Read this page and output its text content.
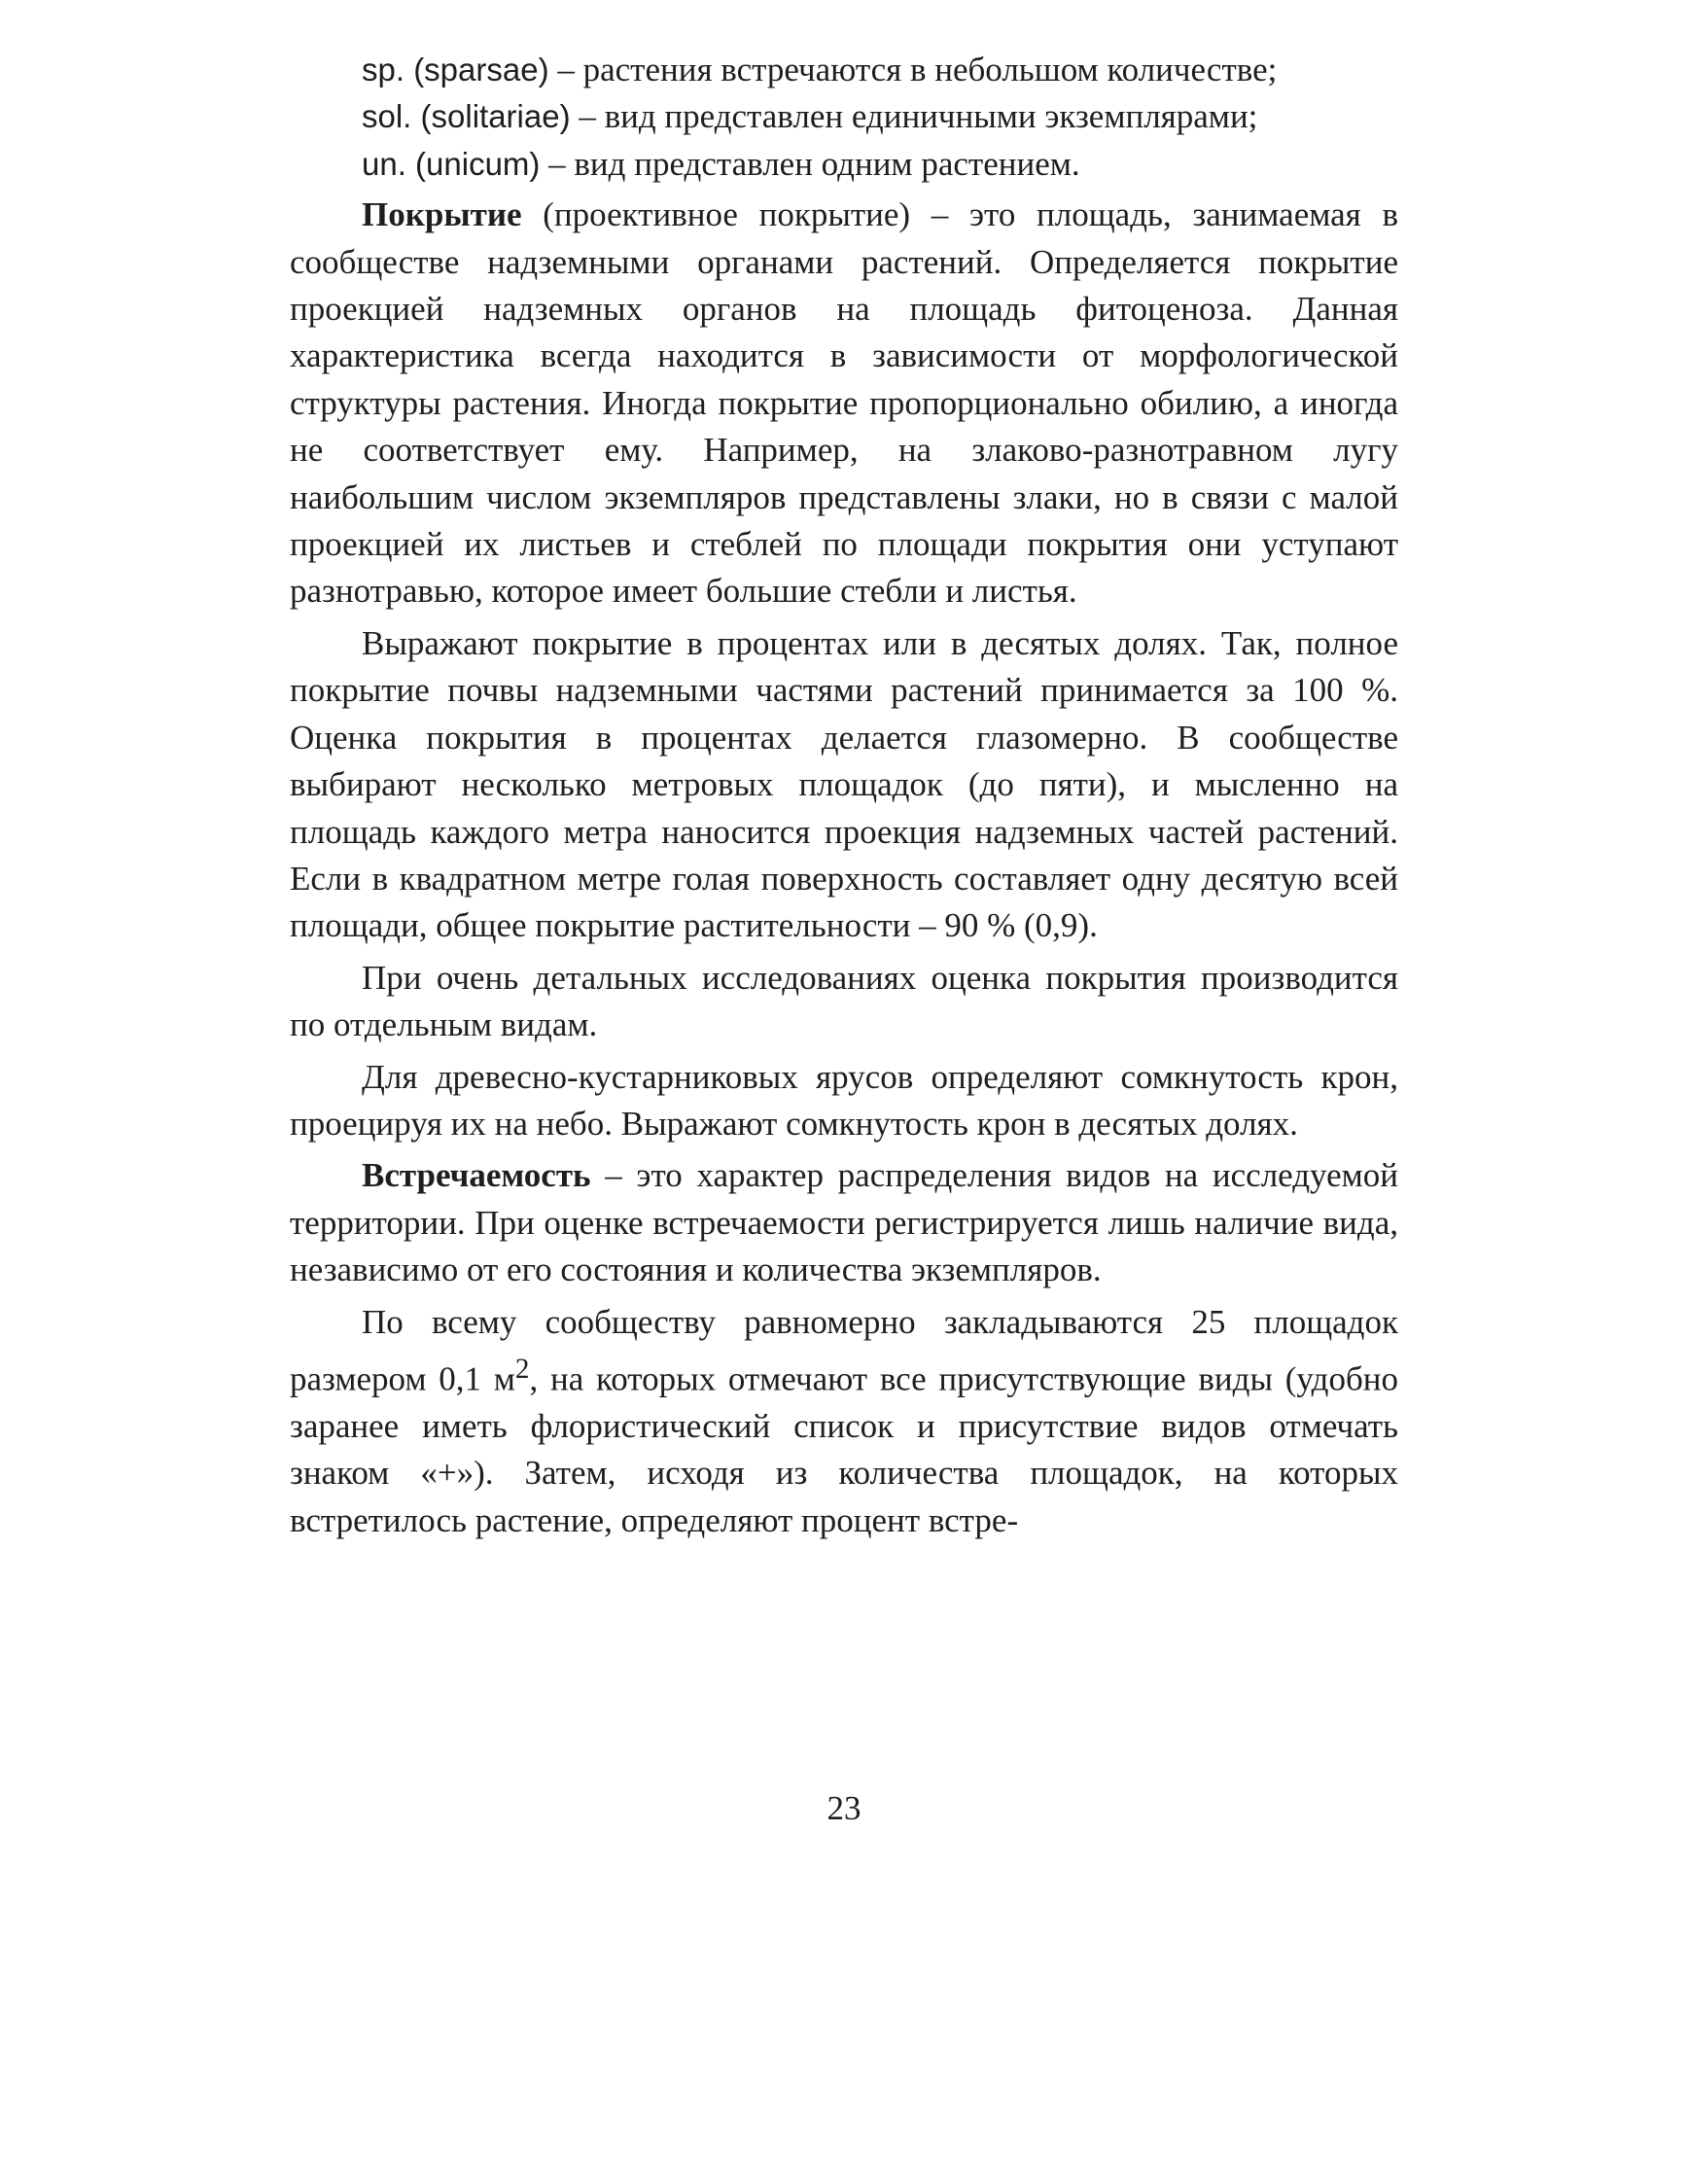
sp. (sparsae) – растения встречаются в небольшом количестве;

sol. (solitariae) – вид представлен единичными экземплярами;

un. (unicum) – вид представлен одним растением.

Покрытие (проективное покрытие) – это площадь, занимаемая в сообществе надземными органами растений. Определяется покрытие проекцией надземных органов на площадь фитоценоза. Данная характеристика всегда находится в зависимости от морфологической структуры растения. Иногда покрытие пропорционально обилию, а иногда не соответствует ему. Например, на злаково-разнотравном лугу наибольшим числом экземпляров представлены злаки, но в связи с малой проекцией их листьев и стеблей по площади покрытия они уступают разнотравью, которое имеет большие стебли и листья.

Выражают покрытие в процентах или в десятых долях. Так, полное покрытие почвы надземными частями растений принимается за 100 %. Оценка покрытия в процентах делается глазомерно. В сообществе выбирают несколько метровых площадок (до пяти), и мысленно на площадь каждого метра наносится проекция надземных частей растений. Если в квадратном метре голая поверхность составляет одну десятую всей площади, общее покрытие растительности – 90 % (0,9).

При очень детальных исследованиях оценка покрытия производится по отдельным видам.

Для древесно-кустарниковых ярусов определяют сомкнутость крон, проецируя их на небо. Выражают сомкнутость крон в десятых долях.

Встречаемость – это характер распределения видов на исследуемой территории. При оценке встречаемости регистрируется лишь наличие вида, независимо от его состояния и количества экземпляров.

По всему сообществу равномерно закладываются 25 площадок размером 0,1 $м^2$, на которых отмечают все присутствующие виды (удобно заранее иметь флористический список и присутствие видов отмечать знаком «+»). Затем, исходя из количества площадок, на которых встретилось растение, определяют процент встре-

23
